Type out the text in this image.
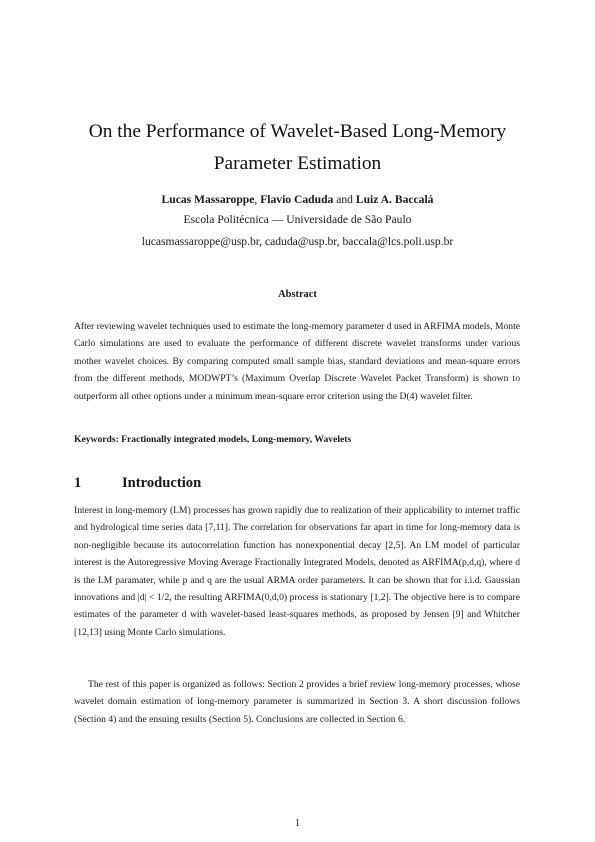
On the Performance of Wavelet-Based Long-Memory
Parameter Estimation
Lucas Massaroppe, Flavio Caduda and Luiz A. Baccalá
Escola Politécnica — Universidade de São Paulo
lucasmassaroppe@usp.br, caduda@usp.br, baccala@lcs.poli.usp.br
Abstract
After reviewing wavelet techniques used to estimate the long-memory parameter d used in ARFIMA models, Monte Carlo simulations are used to evaluate the performance of different discrete wavelet transforms under various mother wavelet choices. By comparing computed small sample bias, standard deviations and mean-square errors from the different methods, MODWPT’s (Maximum Overlap Discrete Wavelet Packet Transform) is shown to outperform all other options under a minimum mean-square error criterion using the D(4) wavelet filter.
Keywords: Fractionally integrated models, Long-memory, Wavelets
1	Introduction
Interest in long-memory (LM) processes has grown rapidly due to realization of their applicability to internet traffic and hydrological time series data [7,11]. The correlation for observations far apart in time for long-memory data is non-negligible because its autocorrelation function has nonexponential decay [2,5]. An LM model of particular interest is the Autoregressive Moving Average Fractionally Integrated Models, denoted as ARFIMA(p,d,q), where d is the LM paramater, while p and q are the usual ARMA order parameters. It can be shown that for i.i.d. Gaussian innovations and |d| < 1/2, the resulting ARFIMA(0,d,0) process is stationary [1,2]. The objective here is to compare estimates of the parameter d with wavelet-based least-squares methods, as proposed by Jensen [9] and Whitcher [12,13] using Monte Carlo simulations.
The rest of this paper is organized as follows: Section 2 provides a brief review long-memory processes, whose wavelet domain estimation of long-memory parameter is summarized in Section 3. A short discussion follows (Section 4) and the ensuing results (Section 5). Conclusions are collected in Section 6.
1
